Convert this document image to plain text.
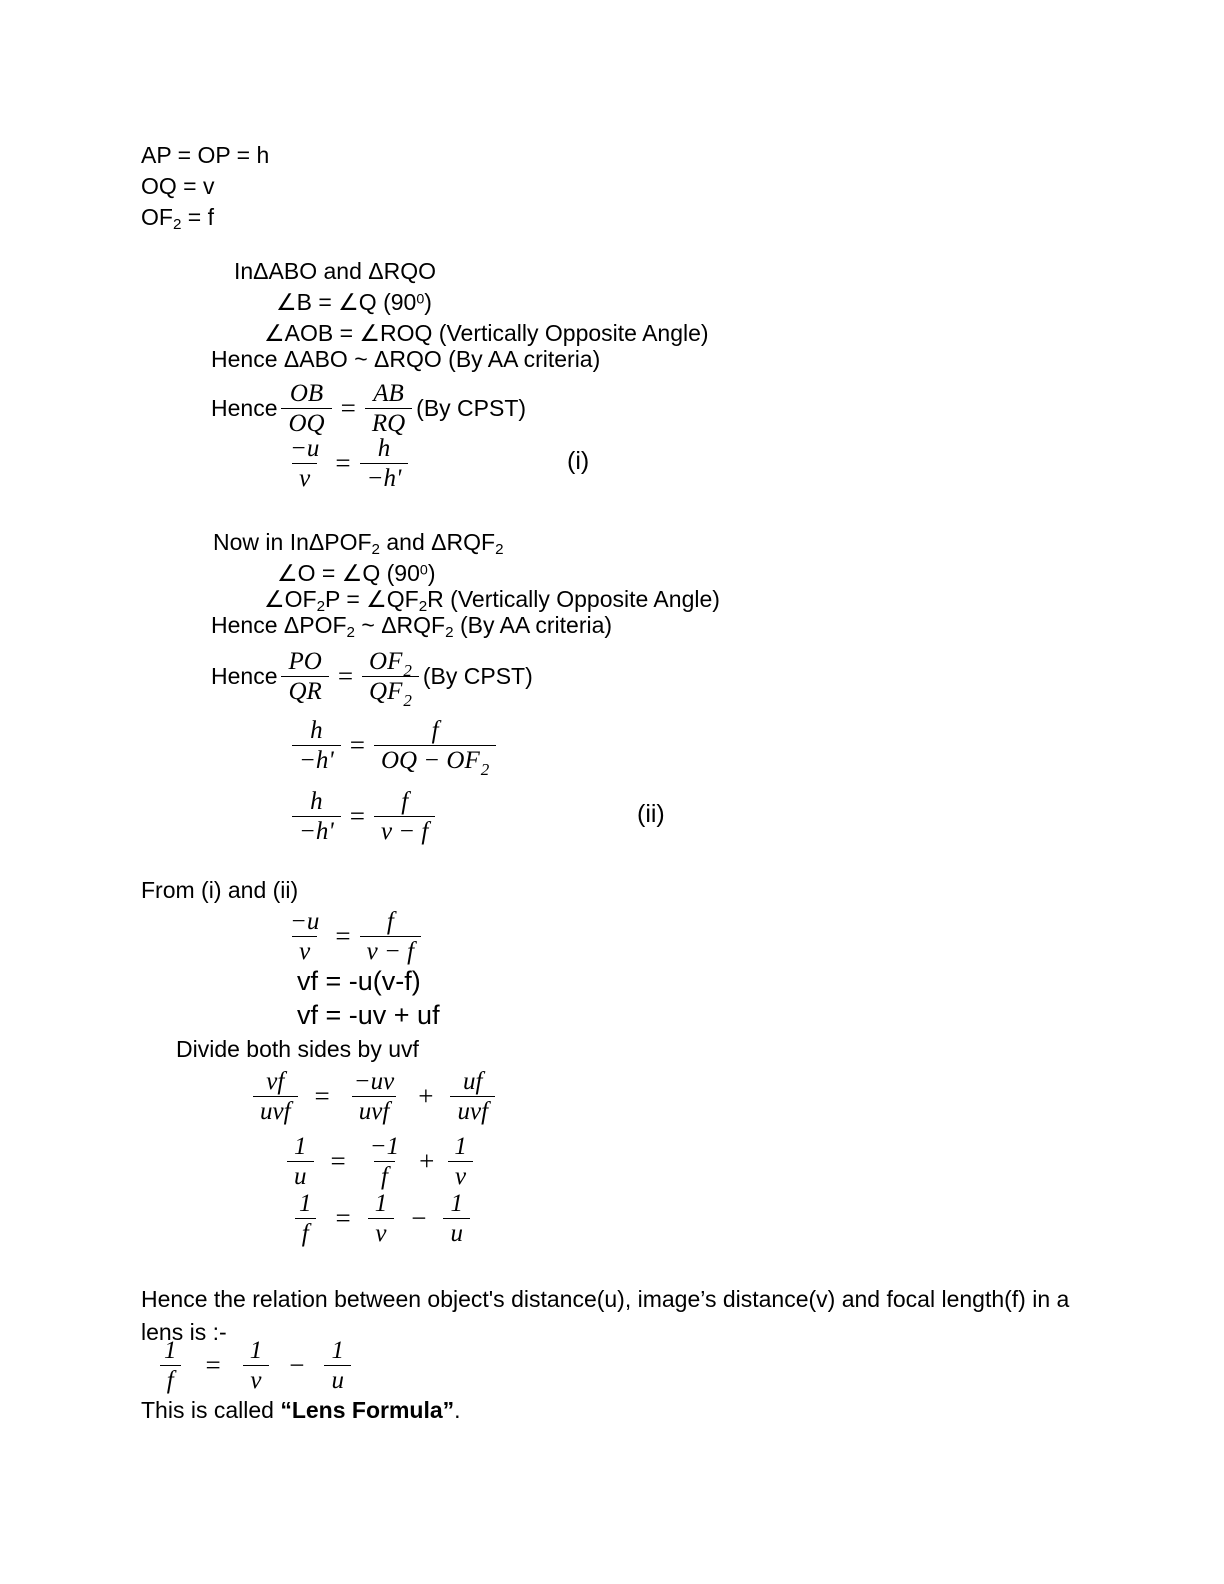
AP = OP = h
OQ = v
$OF_2 = f$
InΔABO and ΔRQO
∠B = ∠Q $(90^0)$
∠AOB = ∠ROQ (Vertically Opposite Angle)
Hence ΔABO ~ ΔRQO (By AA criteria)
Hence $\frac{OB}{OQ} = \frac{AB}{RQ} (By$ CPST)
$\frac{-u}{v} = \frac{h}{-h'}$	(i)
Now in InΔPOF$_2$ and $\Delta RQF_2$
∠O = ∠Q $(90^0)$
$\angle OF_2P$ = $\angle QF_2R$ (Vertically Opposite Angle)
Hence $\Delta POF_2$ ~ $\Delta RQF_2$ (By AA criteria)
Hence $\frac{PO}{QR} = \frac{OF_2}{QF_2} (By$ CPST)
$\frac{h}{-h'} = \frac{f}{OQ - OF_2}$
$\frac{h}{-h'} = \frac{f}{v - f}$	(ii)
From (i) and (ii)
$\frac{-u}{v} = \frac{f}{v - f}$
vf = -u(v-f)
vf = -uv + uf
Divide both sides by uvf
$\frac{vf}{\text{uvf}} = \frac{-uv}{\text{uvf}} + \frac{uf}{\text{uvf}}$
$\frac{1}{u} = \frac{-1}{f} + \frac{1}{v}$
$\frac{1}{f} = \frac{1}{v} - \frac{1}{u}$
Hence the relation between object's distance(u), image’s distance(v) and focal length(f) in a lens is :-
$\frac{1}{f} = \frac{1}{v} - \frac{1}{u}$
This is called “Lens Formula”.
